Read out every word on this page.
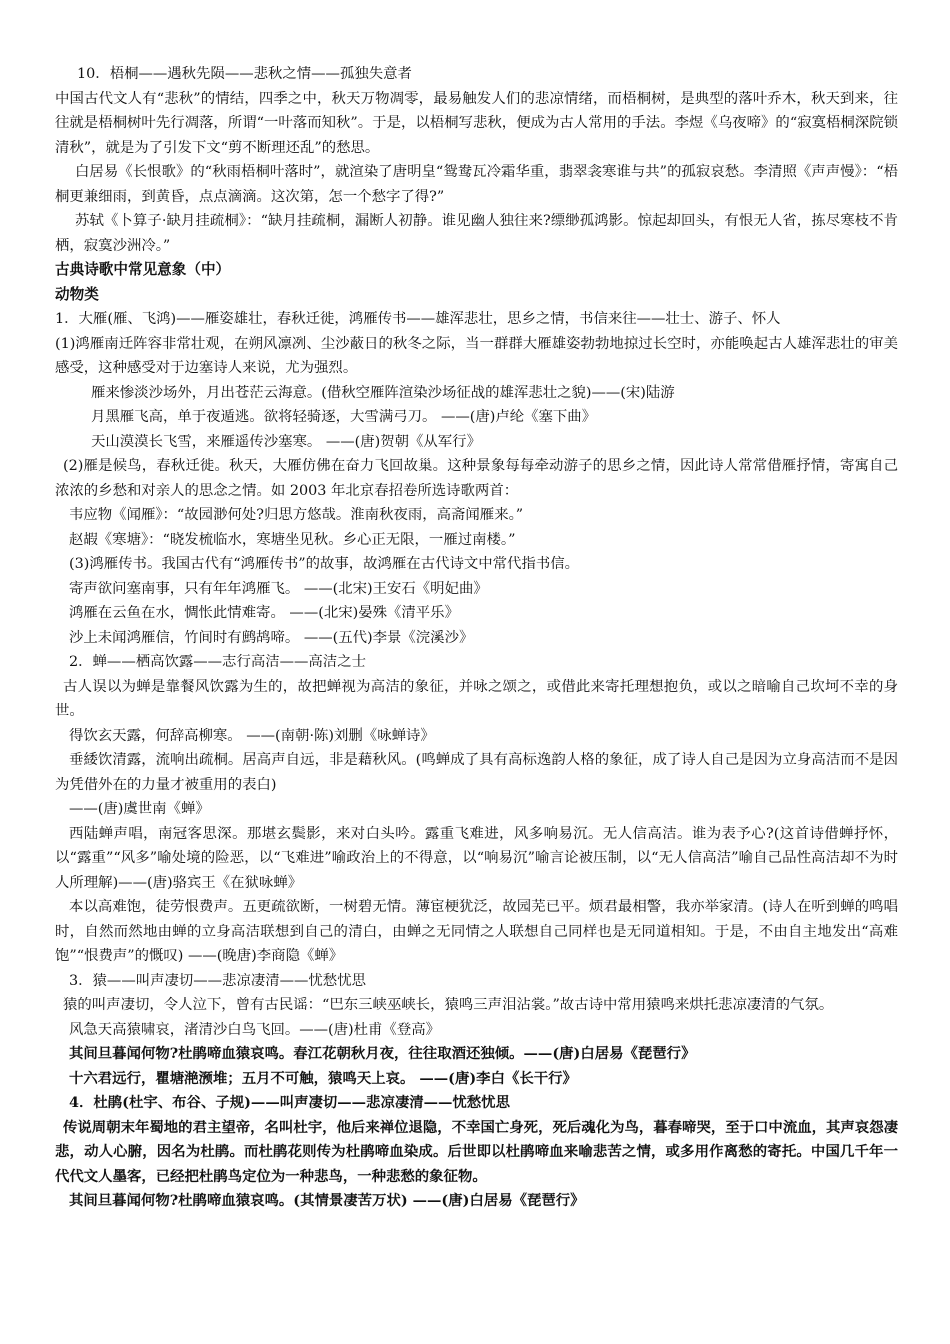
10．梧桐——遇秋先陨——悲秋之情——孤独失意者

中国古代文人有“悲秋”的情结，四季之中，秋天万物凋零，最易触发人们的悲凉情绪，而梧桐树，是典型的落叶乔木，秋天到来，往往就是梧桐树叶先行凋落，所谓“一叶落而知秋”。于是，以梧桐写悲秋，便成为古人常用的手法。李煜《乌夜啼》的“寂寞梧桐深院锁清秋”，就是为了引发下文“剪不断理还乱”的愁思。

白居易《长恨歌》的“秋雨梧桐叶落时”，就渲染了唐明皇“鸳鸯瓦冷霜华重，翡翠衾寒谁与共”的孤寂哀愁。李清照《声声慢》：“梧桐更兼细雨，到黄昏，点点滴滴。这次第，怎一个愁字了得?”

苏轼《卜算子·缺月挂疏桐》：“缺月挂疏桐，漏断人初静。谁见幽人独往来?缥缈孤鸿影。惊起却回头，有恨无人省，拣尽寒枝不肯栖，寂寞沙洲冷。”

古典诗歌中常见意象（中）

动物类

1．大雁(雁、飞鸿)——雁姿雄壮，春秋迁徙，鸿雁传书——雄浑悲壮，思乡之情，书信来往——壮士、游子、怀人

(1)鸿雁南迁阵容非常壮观，在朔风凛冽、尘沙蔽日的秋冬之际，当一群群大雁雄姿勃勃地掠过长空时，亦能唤起古人雄浑悲壮的审美感受，这种感受对于边塞诗人来说，尤为强烈。

雁来惨淡沙场外，月出苍茫云海意。(借秋空雁阵渲染沙场征战的雄浑悲壮之貌)——(宋)陆游

月黑雁飞高，单于夜遁逃。欲将轻骑逐，大雪满弓刀。 ——(唐)卢纶《塞下曲》

天山漠漠长飞雪，来雁遥传沙塞寒。 ——(唐)贺朝《从军行》

(2)雁是候鸟，春秋迁徙。秋天，大雁仿佛在奋力飞回故巢。这种景象每每牵动游子的思乡之情，因此诗人常常借雁抒情，寄寓自己浓浓的乡愁和对亲人的思念之情。如 2003 年北京春招卷所选诗歌两首：

韦应物《闻雁》：“故园渺何处?归思方悠哉。淮南秋夜雨，高斋闻雁来。”

赵嘏《寒塘》：“晓发梳临水，寒塘坐见秋。乡心正无限，一雁过南楼。”

(3)鸿雁传书。我国古代有“鸿雁传书”的故事，故鸿雁在古代诗文中常代指书信。

寄声欲问塞南事，只有年年鸿雁飞。 ——(北宋)王安石《明妃曲》

鸿雁在云鱼在水，惆怅此情难寄。 ——(北宋)晏殊《清平乐》

沙上未闻鸿雁信，竹间时有鹧鸪啼。 ——(五代)李景《浣溪沙》

2．蝉——栖高饮露——志行高洁——高洁之士

古人误以为蝉是靠餐风饮露为生的，故把蝉视为高洁的象征，并咏之颂之，或借此来寄托理想抱负，或以之暗喻自己坎坷不幸的身世。

得饮玄天露，何辞高柳寒。 ——(南朝·陈)刘删《咏蝉诗》

垂緌饮清露，流响出疏桐。居高声自远，非是藉秋风。(鸣蝉成了具有高标逸韵人格的象征，成了诗人自己是因为立身高洁而不是因为凭借外在的力量才被重用的表白)

——(唐)虞世南《蝉》

西陆蝉声唱，南冠客思深。那堪玄鬓影，来对白头吟。露重飞难进，风多响易沉。无人信高洁。谁为表予心?(这首诗借蝉抒怀，以“露重”“风多”喻处境的险恶，以“飞难进”喻政治上的不得意，以“响易沉”喻言论被压制，以“无人信高洁”喻自己品性高洁却不为时人所理解)——(唐)骆宾王《在狱咏蝉》

本以高难饱，徒劳恨费声。五更疏欲断，一树碧无情。薄宦梗犹泛，故园芜已平。烦君最相警，我亦举家清。(诗人在听到蝉的鸣唱时，自然而然地由蝉的立身高洁联想到自己的清白，由蝉之无同情之人联想自己同样也是无同道相知。于是，不由自主地发出“高难饱”“恨费声”的慨叹) ——(晚唐)李商隐《蝉》

3．猿——叫声凄切——悲凉凄清——忧愁忧思

猿的叫声凄切，令人泣下，曾有古民谣：“巴东三峡巫峡长，猿鸣三声泪沾裳。”故古诗中常用猿鸣来烘托悲凉凄清的气氛。

风急天高猿啸哀，渚清沙白鸟飞回。——(唐)杜甫《登高》

其间旦暮闻何物?杜鹃啼血猿哀鸣。春江花朝秋月夜，往往取酒还独倾。——(唐)白居易《琵琶行》

十六君远行，瞿塘滟滪堆；五月不可触，猿鸣天上哀。 ——(唐)李白《长干行》

4．杜鹃(杜宇、布谷、子规)——叫声凄切——悲凉凄清——忧愁忧思

传说周朝末年蜀地的君主望帝，名叫杜宇，他后来禅位退隐，不幸国亡身死，死后魂化为鸟，暮春啼哭，至于口中流血，其声哀怨凄悲，动人心腑，因名为杜鹃。而杜鹃花则传为杜鹃啼血染成。后世即以杜鹃啼血来喻悲苦之情，或多用作离愁的寄托。中国几千年一代代文人墨客，已经把杜鹃鸟定位为一种悲鸟，一种悲愁的象征物。

其间旦暮闻何物?杜鹃啼血猿哀鸣。(其情景凄苦万状) ——(唐)白居易《琵琶行》
